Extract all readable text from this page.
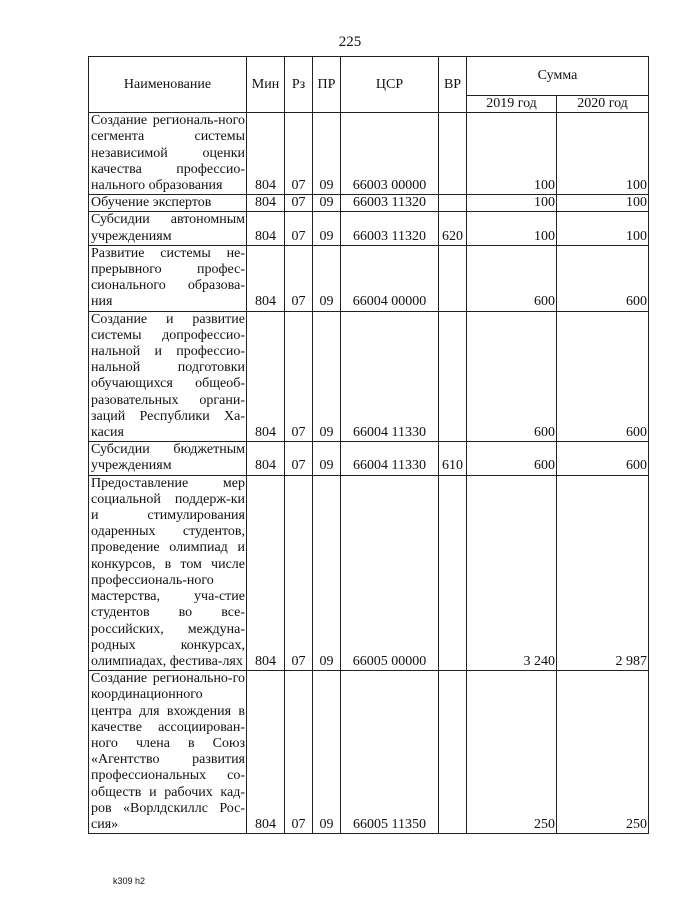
225
Наименование	Мин	Рз	ПР	ЦСР	ВР	Сумма	
						2019 год	2020 год
Создание региональ-ного сегмента системы независимой оценки качества профессио-нального образования	804	07	09	66003 00000		100	100
Обучение экспертов	804	07	09	66003 11320		100	100
Субсидии автономным учреждениям	804	07	09	66003 11320	620	100	100
Развитие системы не-прерывного профес-сионального образова-ния	804	07	09	66004 00000		600	600
Создание и развитие системы допрофессио-нальной и профессио-нальной подготовки обучающихся общеоб-разовательных органи-заций Республики Ха-касия	804	07	09	66004 11330		600	600
Субсидии бюджетным учреждениям	804	07	09	66004 11330	610	600	600
Предоставление мер социальной поддерж-ки и стимулирования одаренных студентов, проведение олимпиад и конкурсов, в том числе профессиональ-ного мастерства, уча-стие студентов во все-российских, междуна-родных конкурсах, олимпиадах, фестива-лях	804	07	09	66005 00000		3 240	2 987
Создание регионально-го координационного центра для вхождения в качестве ассоциирован-ного члена в Союз «Агентство развития профессиональных со-обществ и рабочих кад-ров «Ворлдскиллс Рос-сия»	804	07	09	66005 11350		250	250
k309 h2
